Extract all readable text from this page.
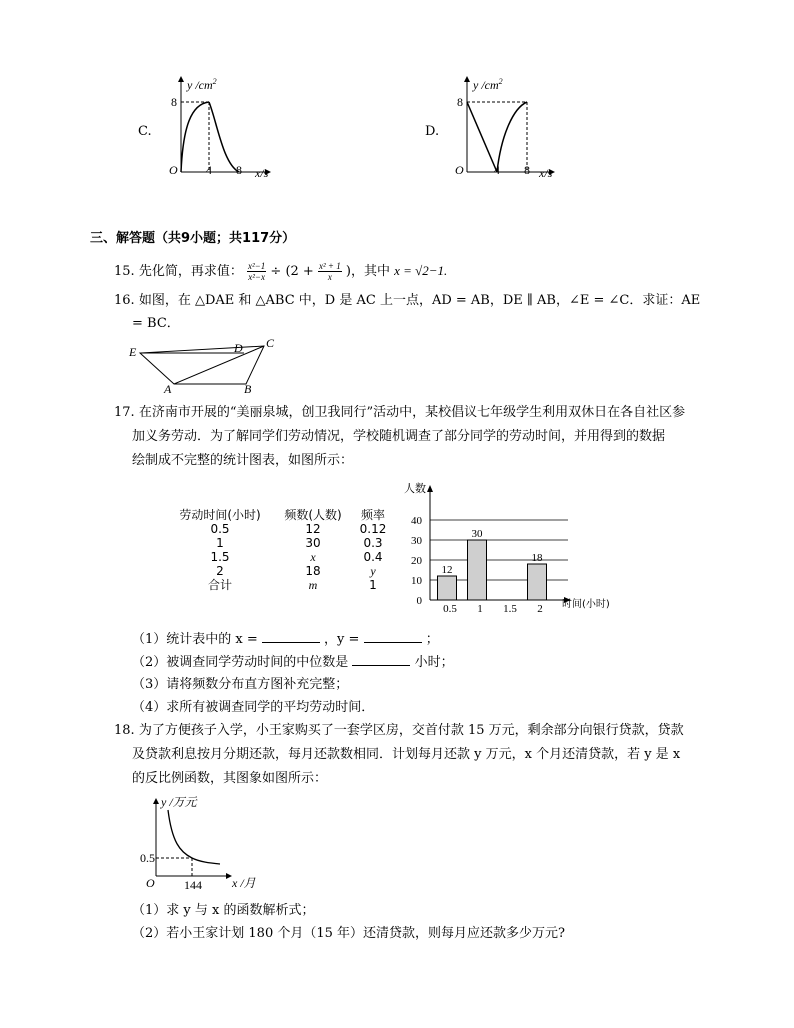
C.
y $/cm^2$
8
O 4 8 x/s
D.
y $/cm^2$
8
O	4 8 x/s
三、解答题（共9小题；共117分）
15. 先化简，再求值： $\frac{\text{x²−1}}{\text{x²−x}} \div (2 + \frac{\text{x² + 1}}{x}$ )，其中 x = √2−1.
16. 如图，在 △DAE 和 △ABC 中，D 是 AC 上一点，AD = AB，DE ∥ AB，∠E = ∠C．求证：AE
= BC．
E	D C
A	B
17. 在济南市开展的“美丽泉城，创卫我同行”活动中，某校倡议七年级学生利用双休日在各自社区参
加义务劳动．为了解同学们劳动情况，学校随机调查了部分同学的劳动时间，并用得到的数据
绘制成不完整的统计图表，如图所示：
劳动时间(小时)	频数(人数)	频率
0.5	12	0.12
1	30	0.3
1.5	x	0.4
2	18	y
合计	m	1
0
10
20
30
40
12
0.5
30
1 1.5
18
2
人数
时间(小时)
（1）统计表中的 x =	，y =	；
（2）被调查同学劳动时间的中位数是	小时；
（3）请将频数分布直方图补充完整；
（4）求所有被调查同学的平均劳动时间．
18. 为了方便孩子入学，小王家购买了一套学区房，交首付款 15 万元，剩余部分向银行贷款，贷款
及贷款利息按月分期还款，每月还款数相同．计划每月还款 y 万元，x 个月还清贷款，若 y 是 x
的反比例函数，其图象如图所示：
y /万元
0.5
O 144	x /月
（1）求 y 与 x 的函数解析式；
（2）若小王家计划 180 个月（15 年）还清贷款，则每月应还款多少万元?
